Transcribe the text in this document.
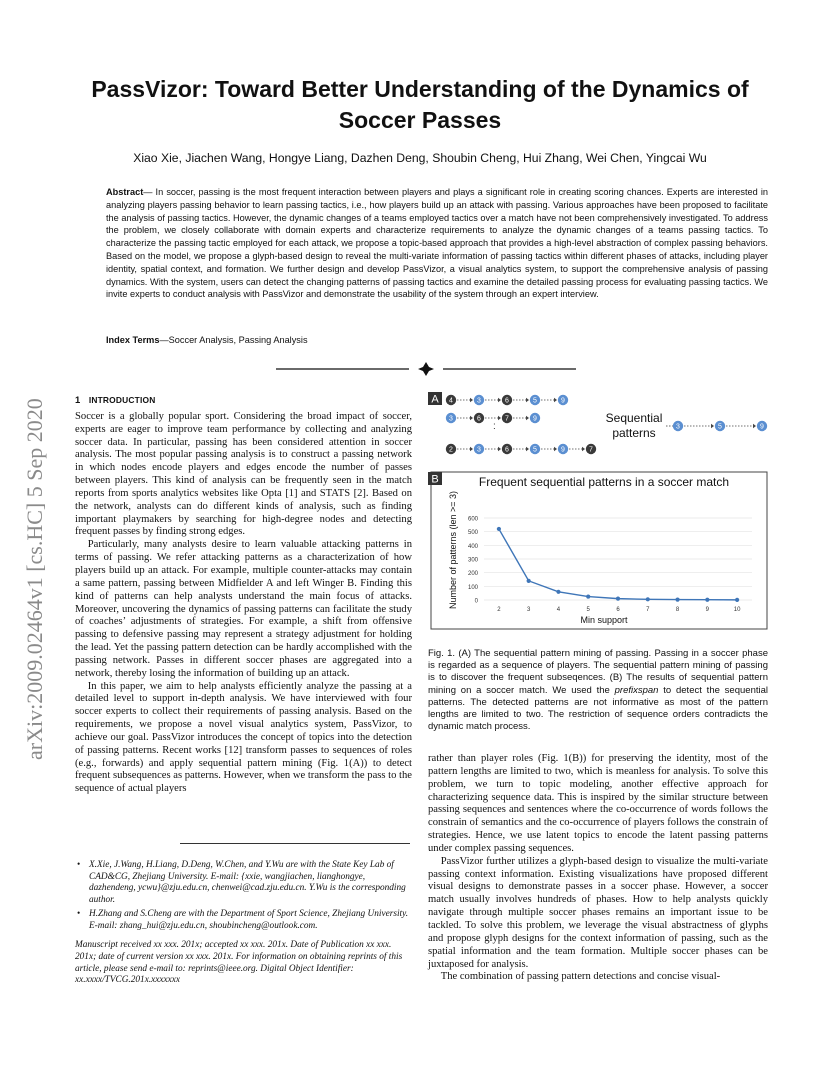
arXiv:2009.02464v1 [cs.HC] 5 Sep 2020
PassVizor: Toward Better Understanding of the Dynamics of Soccer Passes
Xiao Xie, Jiachen Wang, Hongye Liang, Dazhen Deng, Shoubin Cheng, Hui Zhang, Wei Chen, Yingcai Wu
Abstract— In soccer, passing is the most frequent interaction between players and plays a significant role in creating scoring chances. Experts are interested in analyzing players passing behavior to learn passing tactics, i.e., how players build up an attack with passing. Various approaches have been proposed to facilitate the analysis of passing tactics. However, the dynamic changes of a teams employed tactics over a match have not been comprehensively investigated. To address the problem, we closely collaborate with domain experts and characterize requirements to analyze the dynamic changes of a teams passing tactics. To characterize the passing tactic employed for each attack, we propose a topic-based approach that provides a high-level abstraction of complex passing behaviors. Based on the model, we propose a glyph-based design to reveal the multi-variate information of passing tactics within different phases of attacks, including player identity, spatial context, and formation. We further design and develop PassVizor, a visual analytics system, to support the comprehensive analysis of passing dynamics. With the system, users can detect the changing patterns of passing tactics and examine the detailed passing process for evaluating passing tactics. We invite experts to conduct analysis with PassVizor and demonstrate the usability of the system through an expert interview.
Index Terms—Soccer Analysis, Passing Analysis
1 INTRODUCTION

Soccer is a globally popular sport. Considering the broad impact of soccer, experts are eager to improve team performance by collecting and analyzing soccer data. In particular, passing has been considered attention in soccer analysis. The most popular passing analysis is to construct a passing network in which nodes encode players and edges encode the number of passes between players. This kind of analysis can be frequently seen in the match reports from sports analytics websites like Opta [1] and STATS [2]. Based on the network, analysts can do different kinds of analysis, such as finding important playmakers by searching for high-degree nodes and detecting frequent passes by finding strong edges.

Particularly, many analysts desire to learn valuable attacking patterns in terms of passing. We refer attacking patterns as a characterization of how players build up an attack. For example, multiple counter-attacks may contain a same pattern, passing between Midfielder A and left Winger B. Finding this kind of patterns can help analysts understand the main focus of attacks. Moreover, uncovering the dynamics of passing patterns can facilitate the study of coaches’ adjustments of strategies. For example, a shift from offensive passing to defensive passing may represent a strategy adjustment for holding the lead. Yet the passing pattern detection can be hardly accomplished with the passing network. Passes in different soccer phases are aggregated into a network, thereby losing the information of building up an attack.

In this paper, we aim to help analysts efficiently analyze the passing at a detailed level to support in-depth analysis. We have interviewed with four soccer experts to collect their requirements of passing analysis. Based on the requirements, we propose a novel visual analytics system, PassVizor, to achieve our goal. PassVizor introduces the concept of topics into the detection of passing patterns. Recent works [12] transform passes to sequences of roles (e.g., forwards) and apply sequential pattern mining (Fig. 1(A)) to detect frequent subsequences as patterns. However, when we transform the pass to the sequence of actual players

• X.Xie, J.Wang, H.Liang, D.Deng, W.Chen, and Y.Wu are with the State Key Lab of CAD&CG, Zhejiang University. E-mail: {xxie, wangjiachen, lianghongye, dazhendeng, ycwu}@zju.edu.cn, chenwei@cad.zju.edu.cn. Y.Wu is the corresponding author.
• H.Zhang and S.Cheng are with the Department of Sport Science, Zhejiang University. E-mail: zhang_hui@zju.edu.cn, shoubincheng@outlook.com.
Manuscript received xx xxx. 201x; accepted xx xxx. 201x. Date of Publication xx xxx. 201x; date of current version xx xxx. 201x. For information on obtaining reprints of this article, please send e-mail to: reprints@ieee.org. Digital Object Identifier: xx.xxxx/TVCG.201x.xxxxxxx
A 4	3	6	5	9
3	6	7	9
2	3	6	5	9	7
:
Sequential
patterns	3	5	9
B	Frequent sequential patterns in a soccer match
Number of patterns (len >= 3)
Min support
0
100
200
300
400
500
600
2	3	4	5	6	7	8	9	10
Fig. 1. (A) The sequential pattern mining of passing. Passing in a soccer phase is regarded as a sequence of players. The sequential pattern mining of passing is to discover the frequent subseqences. (B) The results of sequential pattern mining on a soccer match. We used the prefixspan to detect the sequential patterns. The detected patterns are not informative as most of the pattern lengths are limited to two. The restriction of sequence orders contradicts the dynamic match process.

rather than player roles (Fig. 1(B)) for preserving the identity, most of the pattern lengths are limited to two, which is meanless for analysis. To solve this problem, we turn to topic modeling, another effective approach for characterizing sequence data. This is inspired by the similar structure between passing sequences and sentences where the co-occurrence of words follows the constrain of semantics and the co-occurrence of players follows the constrain of strategies. Hence, we use latent topics to encode the latent passing patterns under complex passing sequences.

PassVizor further utilizes a glyph-based design to visualize the multi-variate passing context information. Existing visualizations have proposed different visual designs to demonstrate passes in a soccer phase. However, a soccer match usually involves hundreds of phases. How to help analysts quickly navigate through multiple soccer phases remains an important issue to be tackled. To solve this problem, we leverage the visual abstractness of glyphs and propose glyph designs for the context information of passing, such as the spatial information and the team formation. Multiple soccer phases can be juxtaposed for analysis.

The combination of passing pattern detections and concise visual-
